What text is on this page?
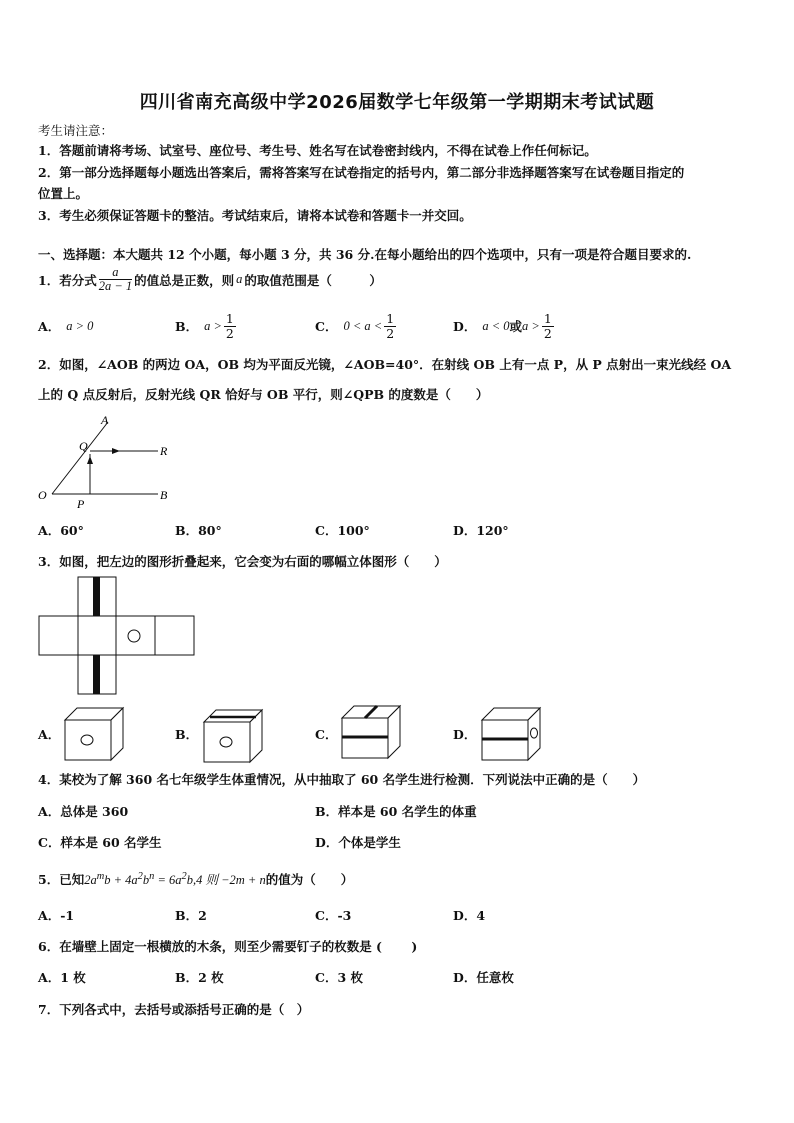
四川省南充高级中学2026届数学七年级第一学期期末考试试题
考生请注意：
1．答题前请将考场、试室号、座位号、考生号、姓名写在试卷密封线内，不得在试卷上作任何标记。
2．第一部分选择题每小题选出答案后，需将答案写在试卷指定的括号内，第二部分非选择题答案写在试卷题目指定的
位置上。
3．考生必须保证答题卡的整洁。考试结束后，请将本试卷和答题卡一并交回。
一、选择题：本大题共 12 个小题，每小题 3 分，共 36 分.在每小题给出的四个选项中，只有一项是符合题目要求的.
1．若分式 $\frac{a}{2a - 1}$ 的值总是正数，则 a 的取值范围是（　　　）
A． a > 0	B． $a > \frac{1}{2}$	C． $0 < a < \frac{1}{2}$	D． a < 0 或 $a > \frac{1}{2}$
2．如图，∠AOB 的两边 OA，OB 均为平面反光镜，∠AOB=40°．在射线 OB 上有一点 P，从 P 点射出一束光线经 OA
上的 Q 点反射后，反射光线 QR 恰好与 OB 平行，则∠QPB 的度数是（　　）
A
Q	R
O
P
B
A．60°	B．80°	C．100°	D．120°
3．如图，把左边的图形折叠起来，它会变为右面的哪幅立体图形（　　）
A．	B．	C．	D．
4．某校为了解 360 名七年级学生体重情况，从中抽取了 60 名学生进行检测．下列说法中正确的是（　　）
A．总体是 360	B．样本是 60 名学生的体重
C．样本是 60 名学生	D．个体是学生
5．已知$2a^mb + 4a^2b^n = 6a^2b,4$ 则 −2m + n的值为（　　）
A．-1	B．2	C．-3	D．4
6．在墙壁上固定一根横放的木条，则至少需要钉子的枚数是 (　　 )
A．1 枚	B．2 枚	C．3 枚	D．任意枚
7．下列各式中，去括号或添括号正确的是（　）
